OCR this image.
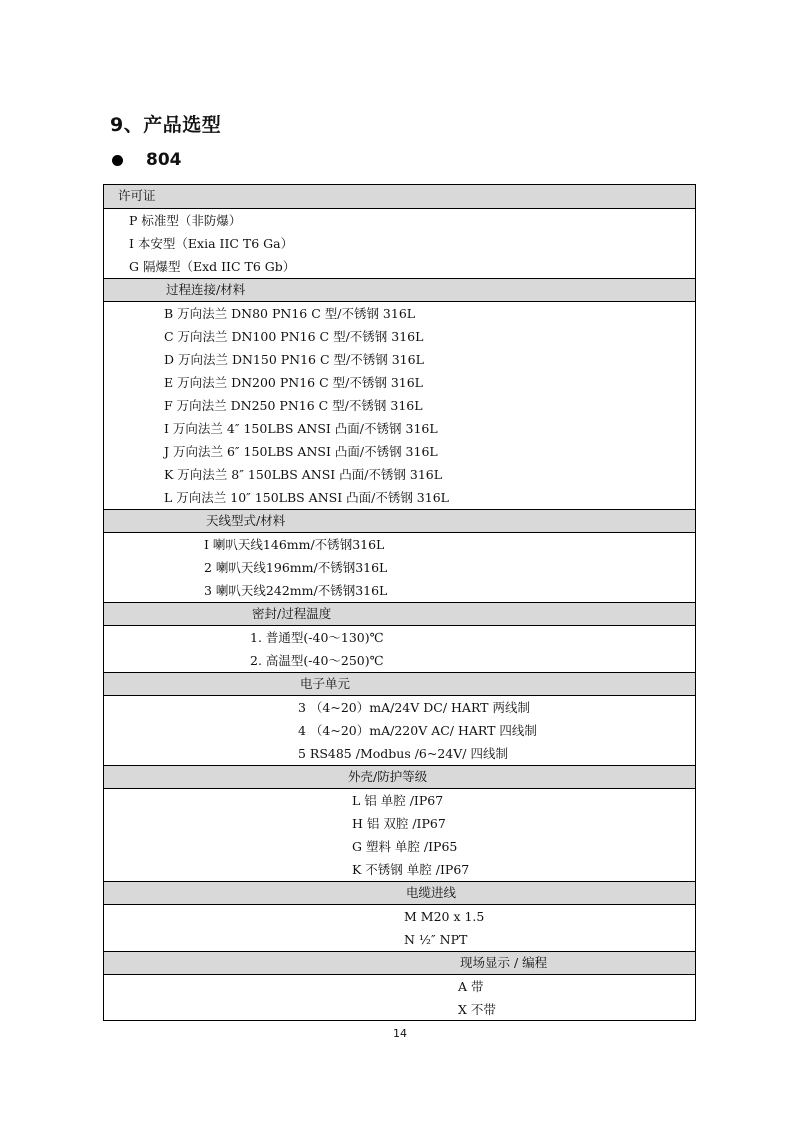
9、产品选型
804
许可证
P 标准型（非防爆）
I 本安型（Exia IIC T6 Ga）
G 隔爆型（Exd IIC T6 Gb）
过程连接/材料
B 万向法兰 DN80 PN16 C 型/不锈钢 316L
C 万向法兰 DN100 PN16 C 型/不锈钢 316L
D 万向法兰 DN150 PN16 C 型/不锈钢 316L
E 万向法兰 DN200 PN16 C 型/不锈钢 316L
F 万向法兰 DN250 PN16 C 型/不锈钢 316L
I 万向法兰 4″ 150LBS ANSI 凸面/不锈钢 316L
J 万向法兰 6″ 150LBS ANSI 凸面/不锈钢 316L
K 万向法兰 8″ 150LBS ANSI 凸面/不锈钢 316L
L 万向法兰 10″ 150LBS ANSI 凸面/不锈钢 316L
天线型式/材料
I 喇叭天线146mm/不锈钢316L
2 喇叭天线196mm/不锈钢316L
3 喇叭天线242mm/不锈钢316L
密封/过程温度
1. 普通型(-40～130)℃
2. 高温型(-40～250)℃
电子单元
3 （4~20）mA/24V DC/ HART 两线制
4 （4~20）mA/220V AC/ HART 四线制
5 RS485 /Modbus /6~24V/ 四线制
外壳/防护等级
L 铝 单腔 /IP67
H 铝 双腔 /IP67
G 塑料 单腔 /IP65
K 不锈钢 单腔 /IP67
电缆进线
M M20 x 1.5
N ½″ NPT
现场显示 / 编程
A 带
X 不带
14
